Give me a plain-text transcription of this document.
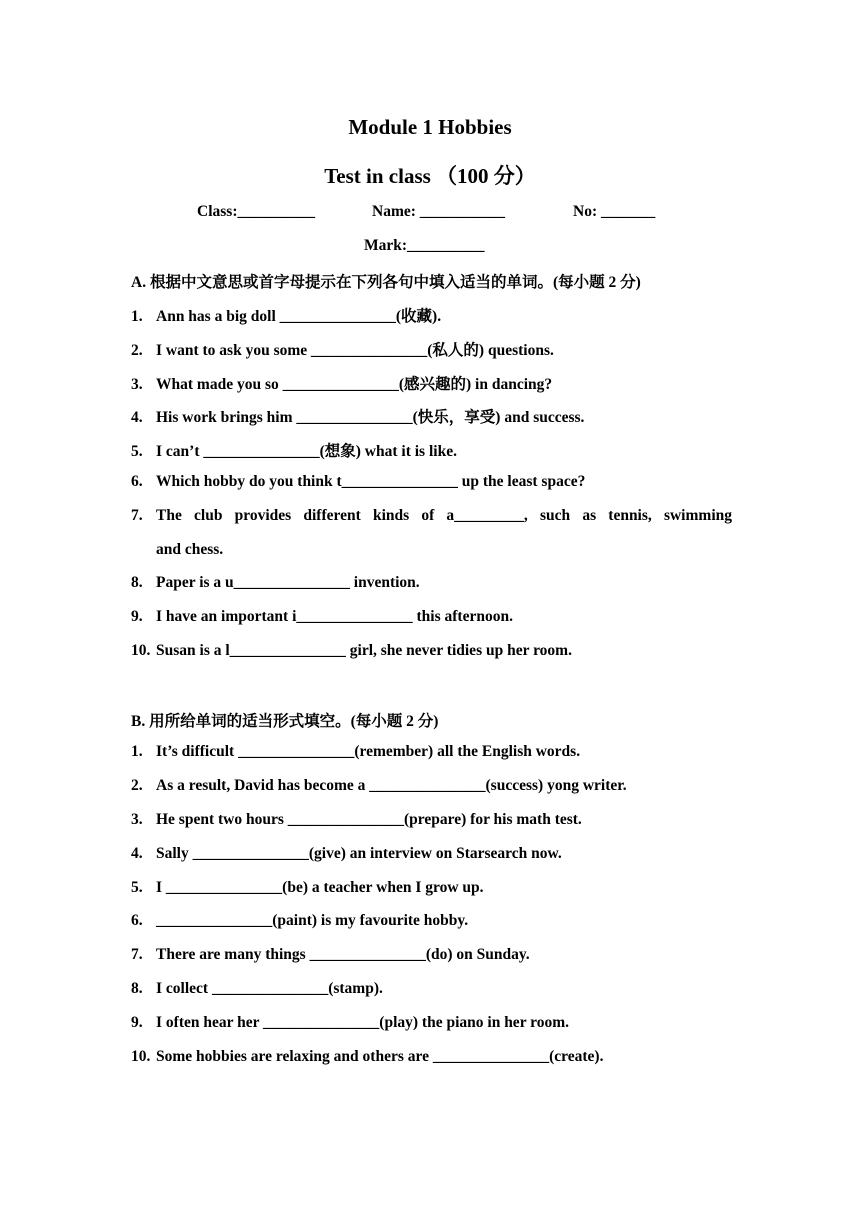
Module 1 Hobbies
Test in class （100 分）
Class:__________	Name: ___________	No: _______
Mark:__________
A. 根据中文意思或首字母提示在下列各句中填入适当的单词。(每小题 2 分)
1. Ann has a big doll _______________(收藏).
2. I want to ask you some _______________(私人的) questions.
3. What made you so _______________(感兴趣的) in dancing?
4. His work brings him _______________(快乐，享受) and success.
5. I can’t _______________(想象) what it is like.
6. Which hobby do you think t_______________ up the least space?
7. The club provides different kinds of a_________, such as tennis, swimming
and chess.
8. Paper is a u_______________ invention.
9. I have an important i_______________ this afternoon.
10. Susan is a l_______________ girl, she never tidies up her room.
B. 用所给单词的适当形式填空。(每小题 2 分)
1. It’s difficult _______________(remember) all the English words.
2. As a result, David has become a _______________(success) yong writer.
3. He spent two hours _______________(prepare) for his math test.
4. Sally _______________(give) an interview on Starsearch now.
5. I _______________(be) a teacher when I grow up.
6. _______________(paint) is my favourite hobby.
7. There are many things _______________(do) on Sunday.
8. I collect _______________(stamp).
9. I often hear her _______________(play) the piano in her room.
10. Some hobbies are relaxing and others are _______________(create).
